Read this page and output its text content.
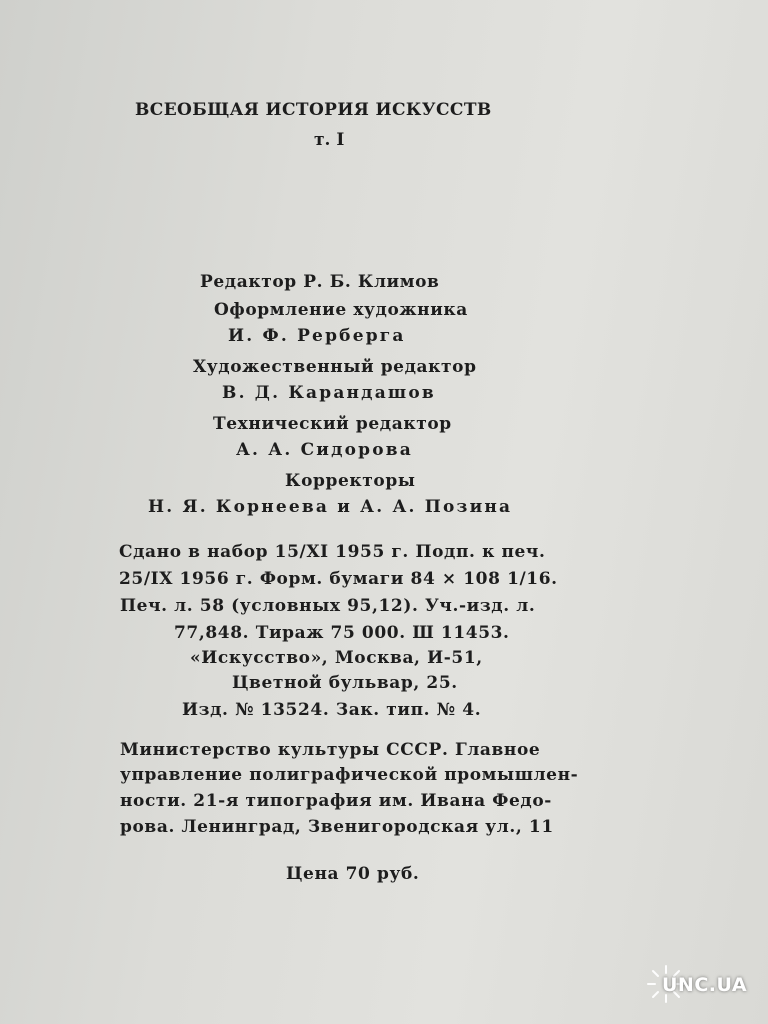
ВСЕОБЩАЯ ИСТОРИЯ ИСКУССТВ
т. I
Редактор Р. Б. Климов
Оформление художника
И. Ф. Рерберга
Художественный редактор
В. Д. Карандашов
Технический редактор
А. А. Сидорова
Корректоры
Н. Я. Корнеева и А. А. Позина
Сдано в набор 15/XI 1955 г. Подп. к печ.
25/IX 1956 г. Форм. бумаги 84 × 108 1/16.
Печ. л. 58 (условных 95,12). Уч.-изд. л.
77,848. Тираж 75 000. Ш 11453.
«Искусство», Москва, И-51,
Цветной бульвар, 25.
Изд. № 13524. Зак. тип. № 4.
Министерство культуры СССР. Главное
управление полиграфической промышлен-
ности. 21-я типография им. Ивана Федо-
рова. Ленинград, Звенигородская ул., 11
Цена 70 руб.
UNC.UA
